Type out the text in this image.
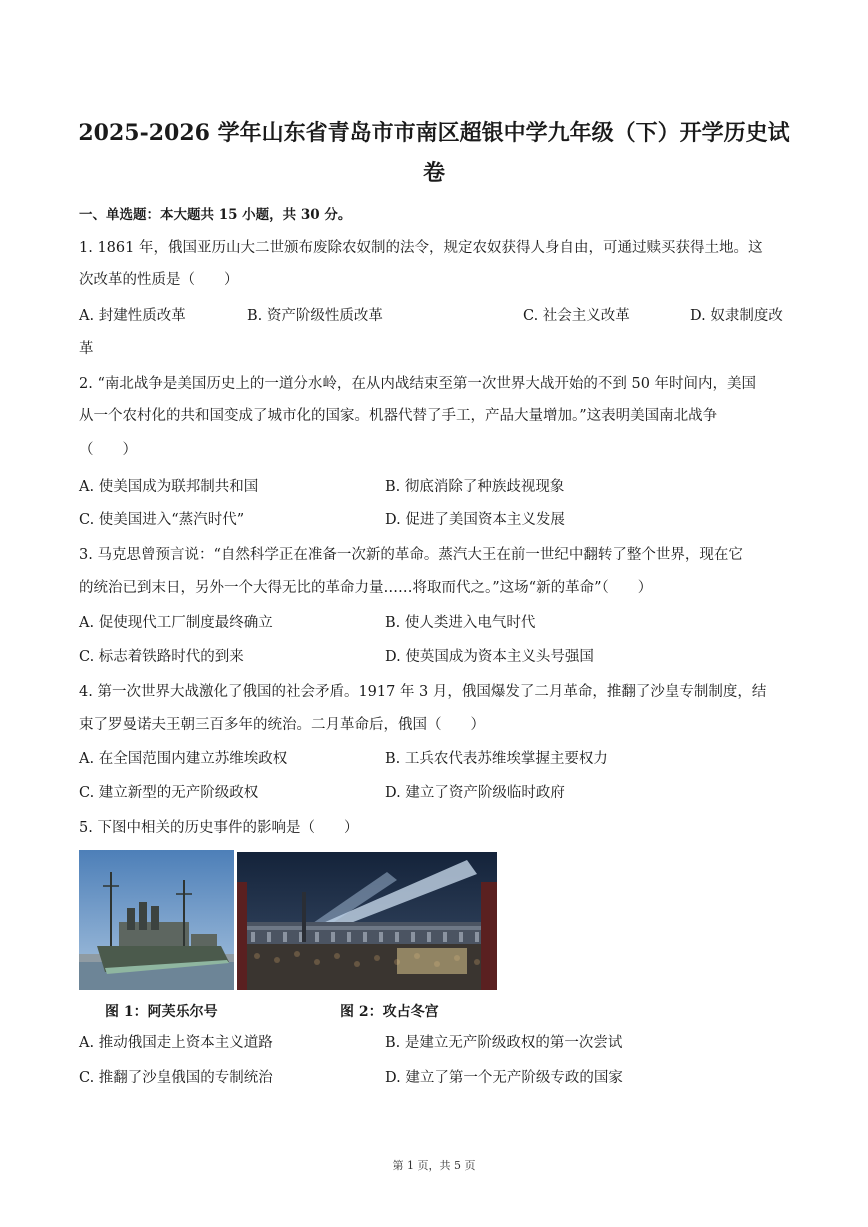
2025-2026 学年山东省青岛市市南区超银中学九年级（下）开学历史试
卷
一、单选题：本大题共 15 小题，共 30 分。
1. 1861 年，俄国亚历山大二世颁布废除农奴制的法令，规定农奴获得人身自由，可通过赎买获得土地。这
次改革的性质是（　　）
A. 封建性质改革	B. 资产阶级性质改革	C. 社会主义改革	D. 奴隶制度改
革
2. “南北战争是美国历史上的一道分水岭，在从内战结束至第一次世界大战开始的不到 50 年时间内，美国
从一个农村化的共和国变成了城市化的国家。机器代替了手工，产品大量增加。”这表明美国南北战争
（　　）
A. 使美国成为联邦制共和国	B. 彻底消除了种族歧视现象
C. 使美国进入“蒸汽时代”	D. 促进了美国资本主义发展
3. 马克思曾预言说：“自然科学正在准备一次新的革命。蒸汽大王在前一世纪中翻转了整个世界，现在它
的统治已到末日，另外一个大得无比的革命力量……将取而代之。”这场“新的革命”（　　）
A. 促使现代工厂制度最终确立	B. 使人类进入电气时代
C. 标志着铁路时代的到来	D. 使英国成为资本主义头号强国
4. 第一次世界大战激化了俄国的社会矛盾。1917 年 3 月，俄国爆发了二月革命，推翻了沙皇专制制度，结
束了罗曼诺夫王朝三百多年的统治。二月革命后，俄国（　　）
A. 在全国范围内建立苏维埃政权	B. 工兵农代表苏维埃掌握主要权力
C. 建立新型的无产阶级政权	D. 建立了资产阶级临时政府
5. 下图中相关的历史事件的影响是（　　）
图 1：阿芙乐尔号	图 2：攻占冬宫
A. 推动俄国走上资本主义道路	B. 是建立无产阶级政权的第一次尝试
C. 推翻了沙皇俄国的专制统治	D. 建立了第一个无产阶级专政的国家
第 1 页，共 5 页
